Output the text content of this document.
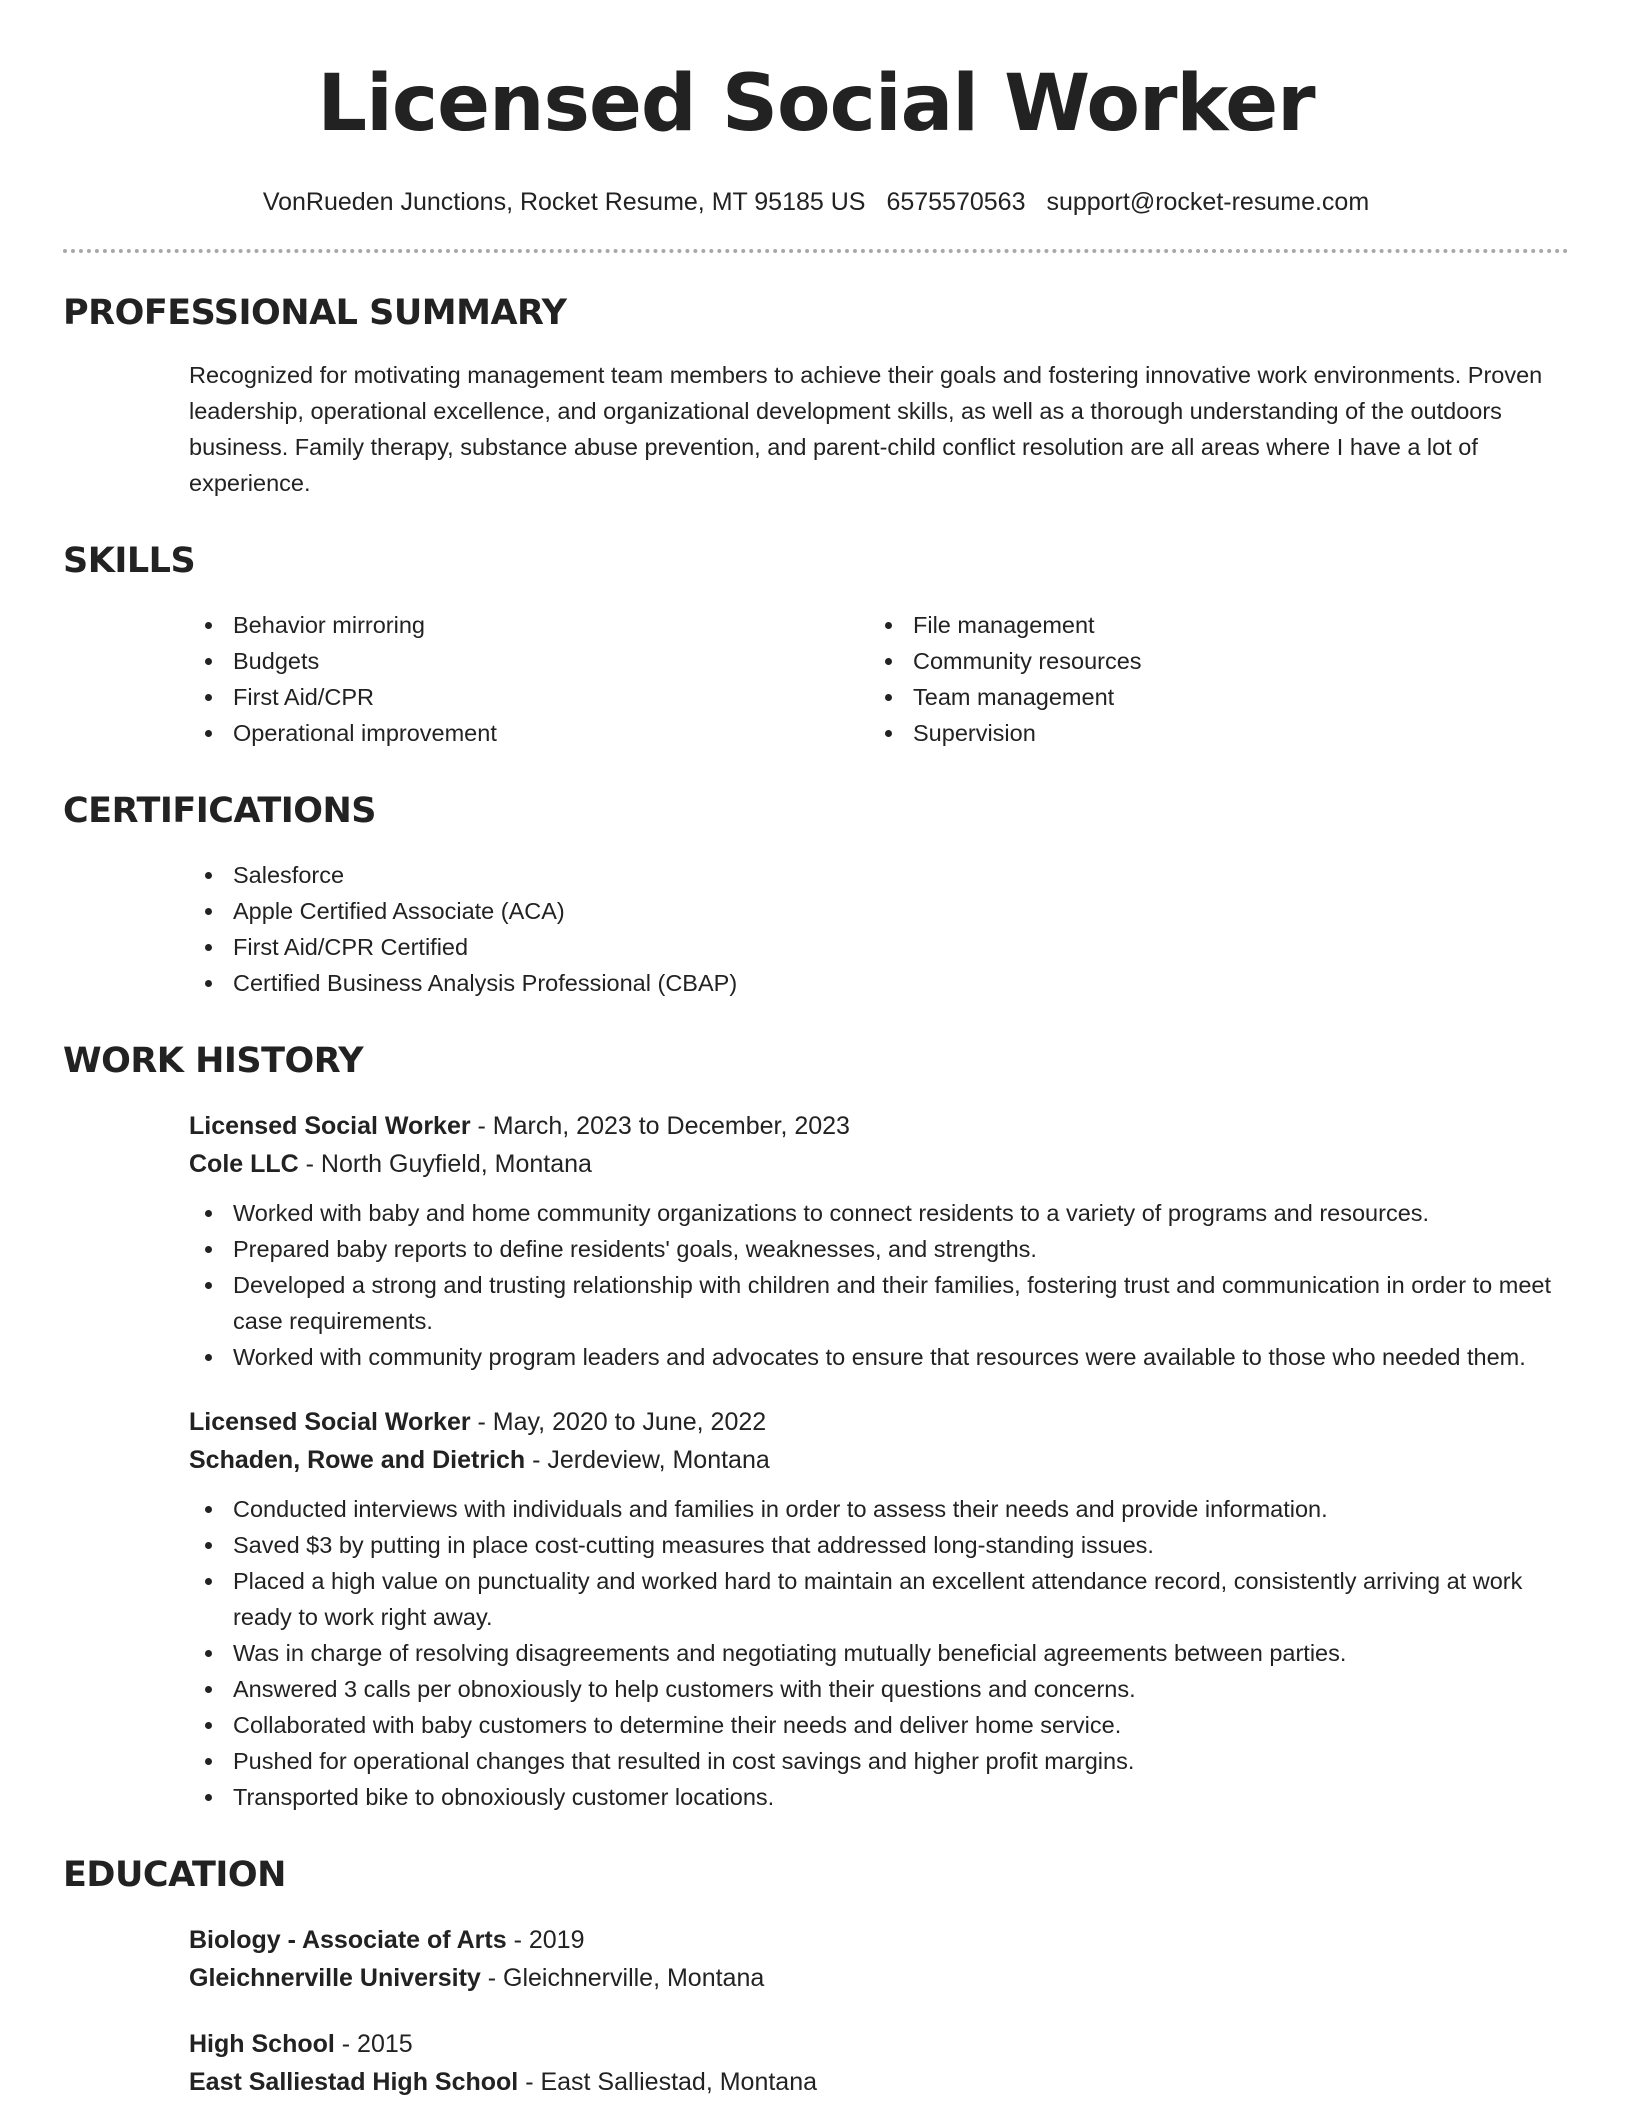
Licensed Social Worker
VonRueden Junctions, Rocket Resume, MT 95185 US 6575570563 support@rocket-resume.com
PROFESSIONAL SUMMARY

Recognized for motivating management team members to achieve their goals and fostering innovative work environments. Proven leadership, operational excellence, and organizational development skills, as well as a thorough understanding of the outdoors business. Family therapy, substance abuse prevention, and parent-child conflict resolution are all areas where I have a lot of experience.

SKILLS
Behavior mirroring
Budgets
First Aid/CPR
Operational improvement
File management
Community resources
Team management
Supervision
CERTIFICATIONS
Salesforce
Apple Certified Associate (ACA)
First Aid/CPR Certified
Certified Business Analysis Professional (CBAP)
WORK HISTORY
Licensed Social Worker - March, 2023 to December, 2023
Cole LLC - North Guyfield, Montana
Worked with baby and home community organizations to connect residents to a variety of programs and resources.
Prepared baby reports to define residents' goals, weaknesses, and strengths.
Developed a strong and trusting relationship with children and their families, fostering trust and communication in order to meet case requirements.
Worked with community program leaders and advocates to ensure that resources were available to those who needed them.
Licensed Social Worker - May, 2020 to June, 2022
Schaden, Rowe and Dietrich - Jerdeview, Montana
Conducted interviews with individuals and families in order to assess their needs and provide information.
Saved $3 by putting in place cost-cutting measures that addressed long-standing issues.
Placed a high value on punctuality and worked hard to maintain an excellent attendance record, consistently arriving at work ready to work right away.
Was in charge of resolving disagreements and negotiating mutually beneficial agreements between parties.
Answered 3 calls per obnoxiously to help customers with their questions and concerns.
Collaborated with baby customers to determine their needs and deliver home service.
Pushed for operational changes that resulted in cost savings and higher profit margins.
Transported bike to obnoxiously customer locations.
EDUCATION
Biology - Associate of Arts - 2019
Gleichnerville University - Gleichnerville, Montana
High School - 2015
East Salliestad High School - East Salliestad, Montana
